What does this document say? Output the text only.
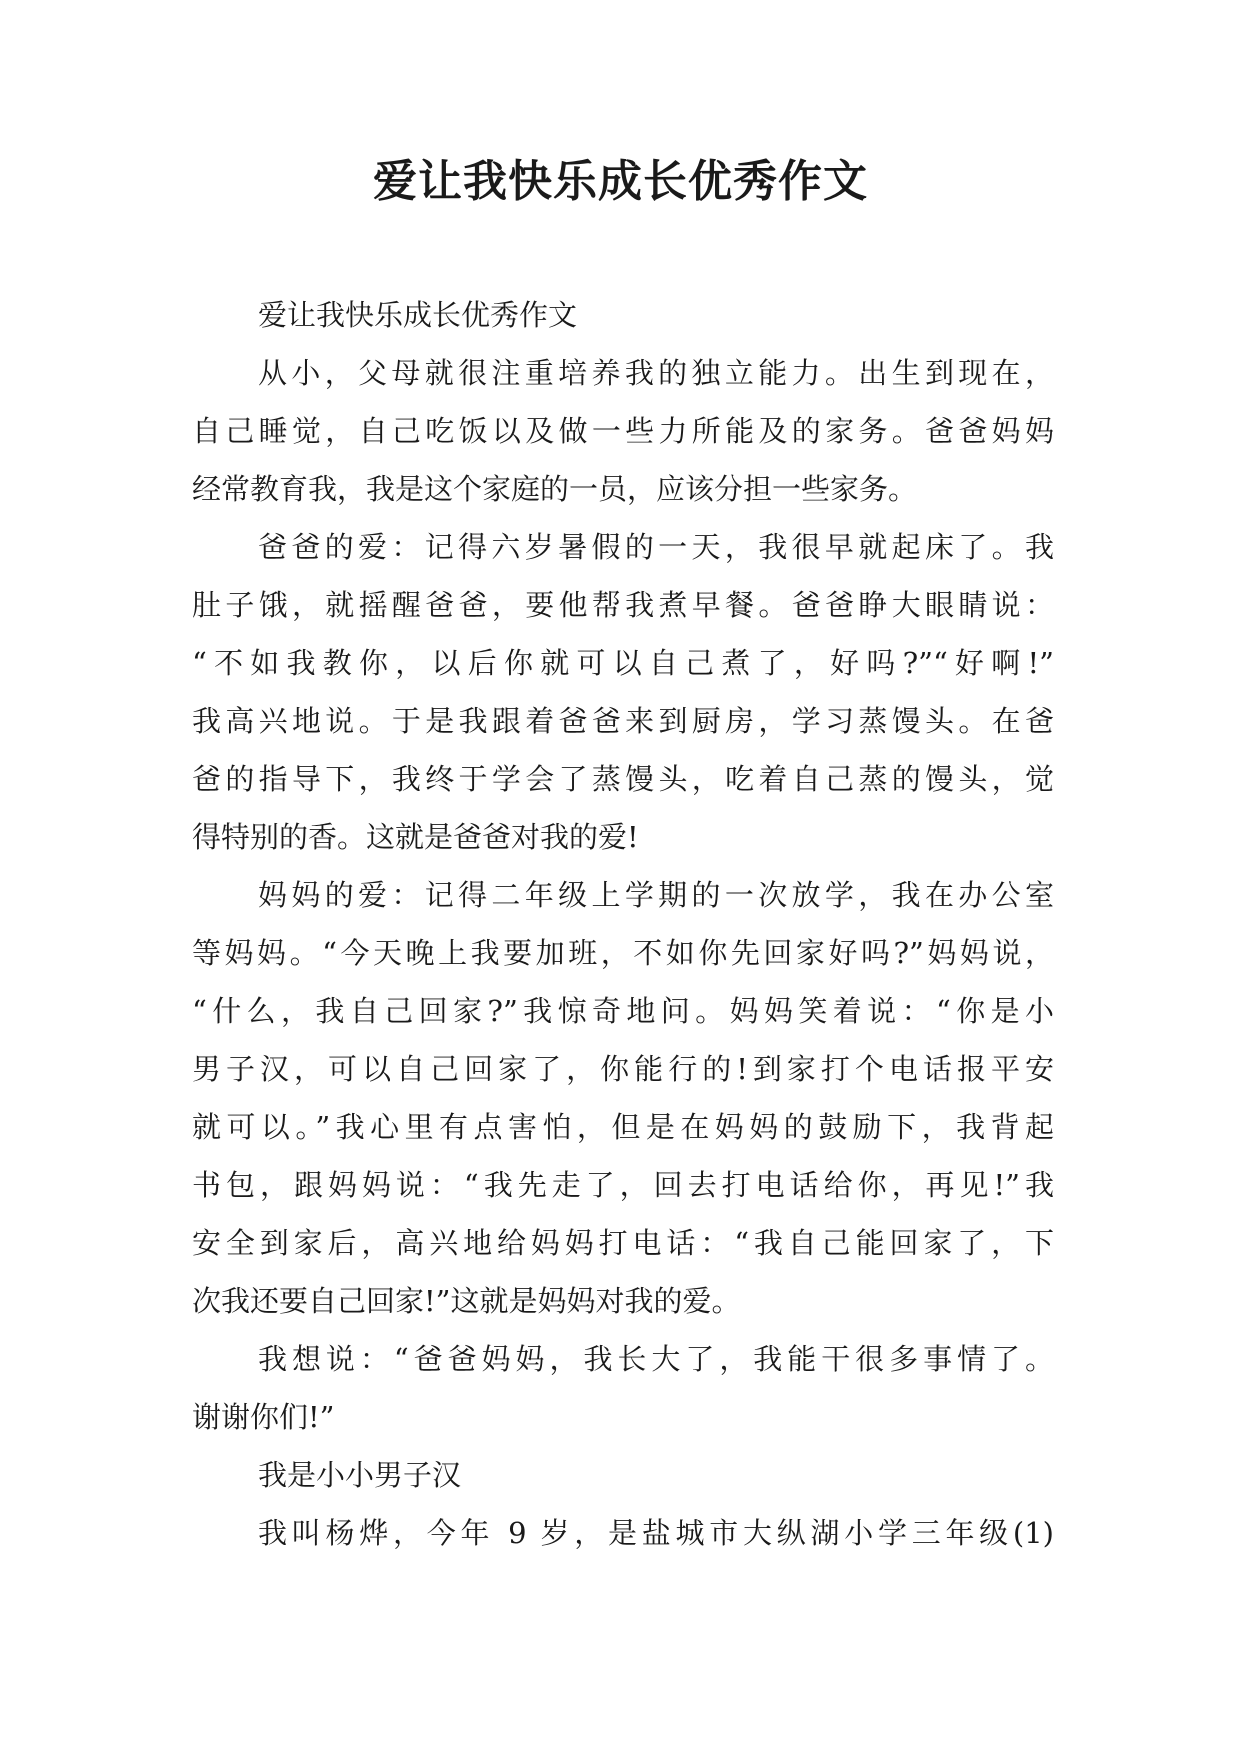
爱让我快乐成长优秀作文
爱让我快乐成长优秀作文
从小，父母就很注重培养我的独立能力。出生到现在，
自己睡觉，自己吃饭以及做一些力所能及的家务。爸爸妈妈
经常教育我，我是这个家庭的一员，应该分担一些家务。
爸爸的爱：记得六岁暑假的一天，我很早就起床了。我
肚子饿，就摇醒爸爸，要他帮我煮早餐。爸爸睁大眼睛说：
“不如我教你，以后你就可以自己煮了，好吗?”“好啊!”
我高兴地说。于是我跟着爸爸来到厨房，学习蒸馒头。在爸
爸的指导下，我终于学会了蒸馒头，吃着自己蒸的馒头，觉
得特别的香。这就是爸爸对我的爱!
妈妈的爱：记得二年级上学期的一次放学，我在办公室
等妈妈。“今天晚上我要加班，不如你先回家好吗?”妈妈说，
“什么，我自己回家?”我惊奇地问。妈妈笑着说：“你是小
男子汉，可以自己回家了，你能行的!到家打个电话报平安
就可以。”我心里有点害怕，但是在妈妈的鼓励下，我背起
书包，跟妈妈说：“我先走了，回去打电话给你，再见!”我
安全到家后，高兴地给妈妈打电话：“我自己能回家了，下
次我还要自己回家!”这就是妈妈对我的爱。
我想说：“爸爸妈妈，我长大了，我能干很多事情了。
谢谢你们!”
我是小小男子汉
我叫杨烨，今年 9 岁，是盐城市大纵湖小学三年级(1)
